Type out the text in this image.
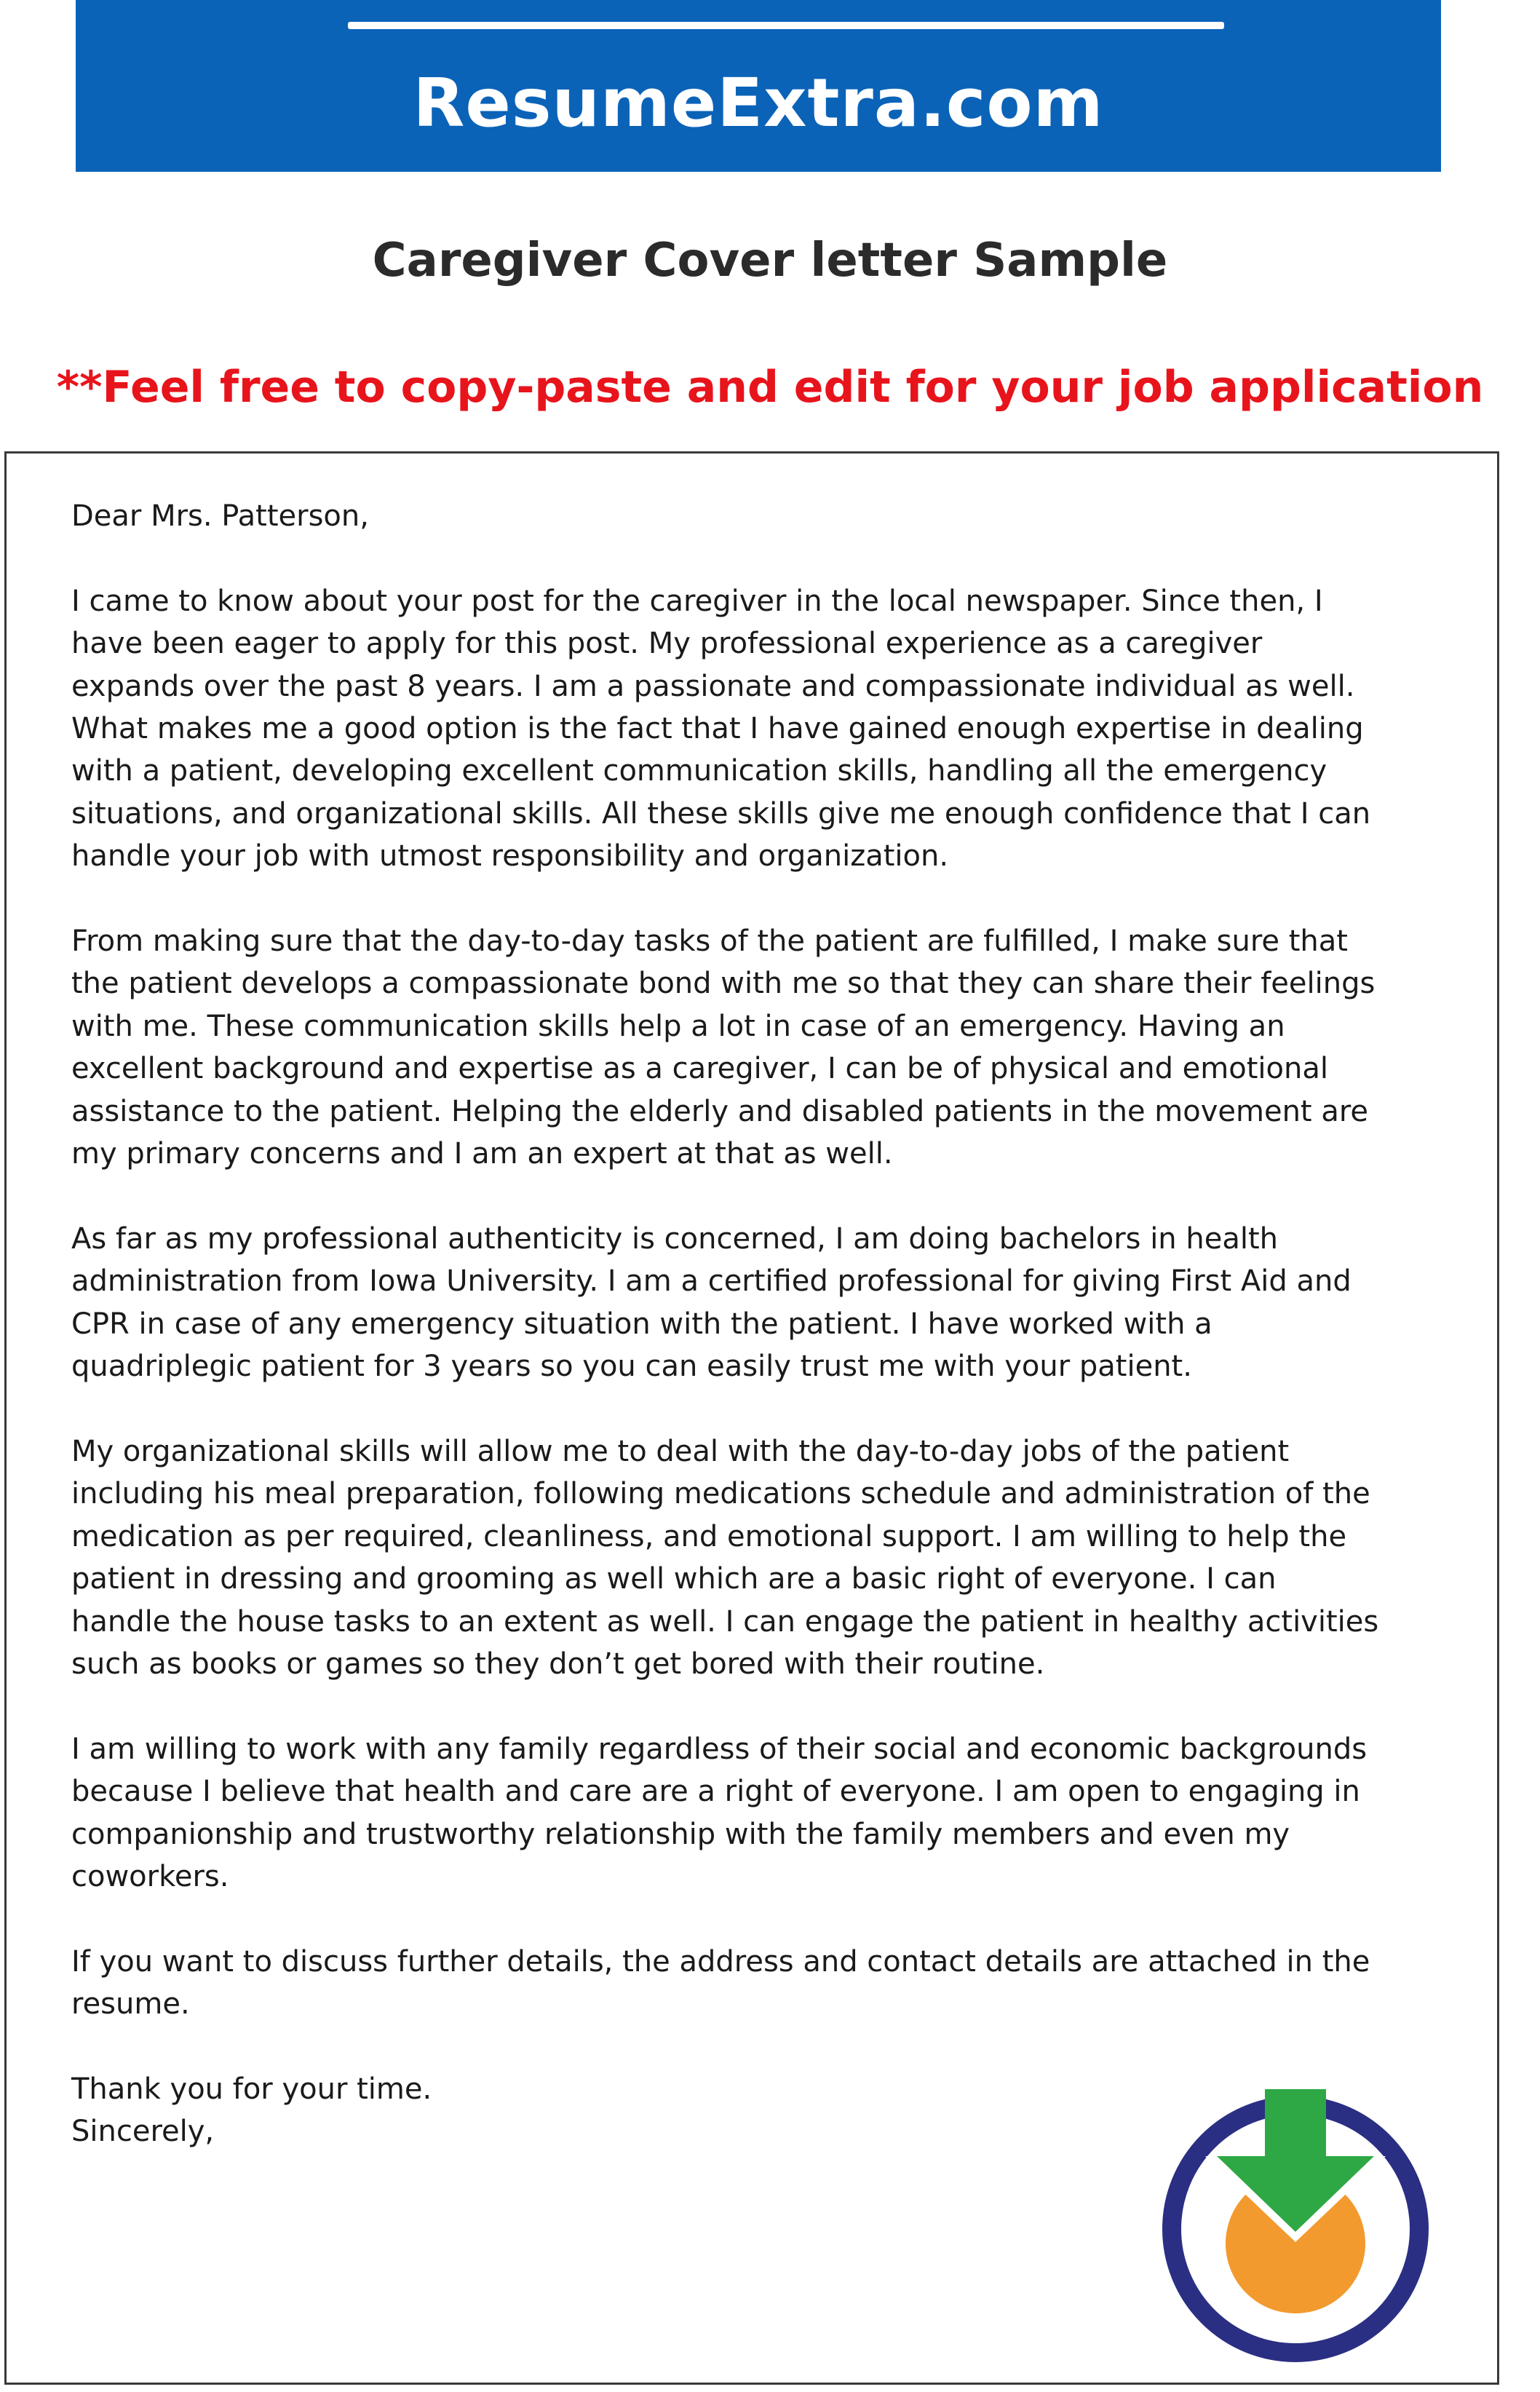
ResumeExtra.com
Caregiver Cover letter Sample
**Feel free to copy-paste and edit for your job application

Dear Mrs. Patterson,

I came to know about your post for the caregiver in the local newspaper. Since then, I
have been eager to apply for this post. My professional experience as a caregiver
expands over the past 8 years. I am a passionate and compassionate individual as well.
What makes me a good option is the fact that I have gained enough expertise in dealing
with a patient, developing excellent communication skills, handling all the emergency
situations, and organizational skills. All these skills give me enough confidence that I can
handle your job with utmost responsibility and organization.

From making sure that the day-to-day tasks of the patient are fulfilled, I make sure that
the patient develops a compassionate bond with me so that they can share their feelings
with me. These communication skills help a lot in case of an emergency. Having an
excellent background and expertise as a caregiver, I can be of physical and emotional
assistance to the patient. Helping the elderly and disabled patients in the movement are
my primary concerns and I am an expert at that as well.

As far as my professional authenticity is concerned, I am doing bachelors in health
administration from Iowa University. I am a certified professional for giving First Aid and
CPR in case of any emergency situation with the patient. I have worked with a
quadriplegic patient for 3 years so you can easily trust me with your patient.

My organizational skills will allow me to deal with the day-to-day jobs of the patient
including his meal preparation, following medications schedule and administration of the
medication as per required, cleanliness, and emotional support. I am willing to help the
patient in dressing and grooming as well which are a basic right of everyone. I can
handle the house tasks to an extent as well. I can engage the patient in healthy activities
such as books or games so they don’t get bored with their routine.

I am willing to work with any family regardless of their social and economic backgrounds
because I believe that health and care are a right of everyone. I am open to engaging in
companionship and trustworthy relationship with the family members and even my
coworkers.

If you want to discuss further details, the address and contact details are attached in the
resume.

Thank you for your time.
Sincerely,
